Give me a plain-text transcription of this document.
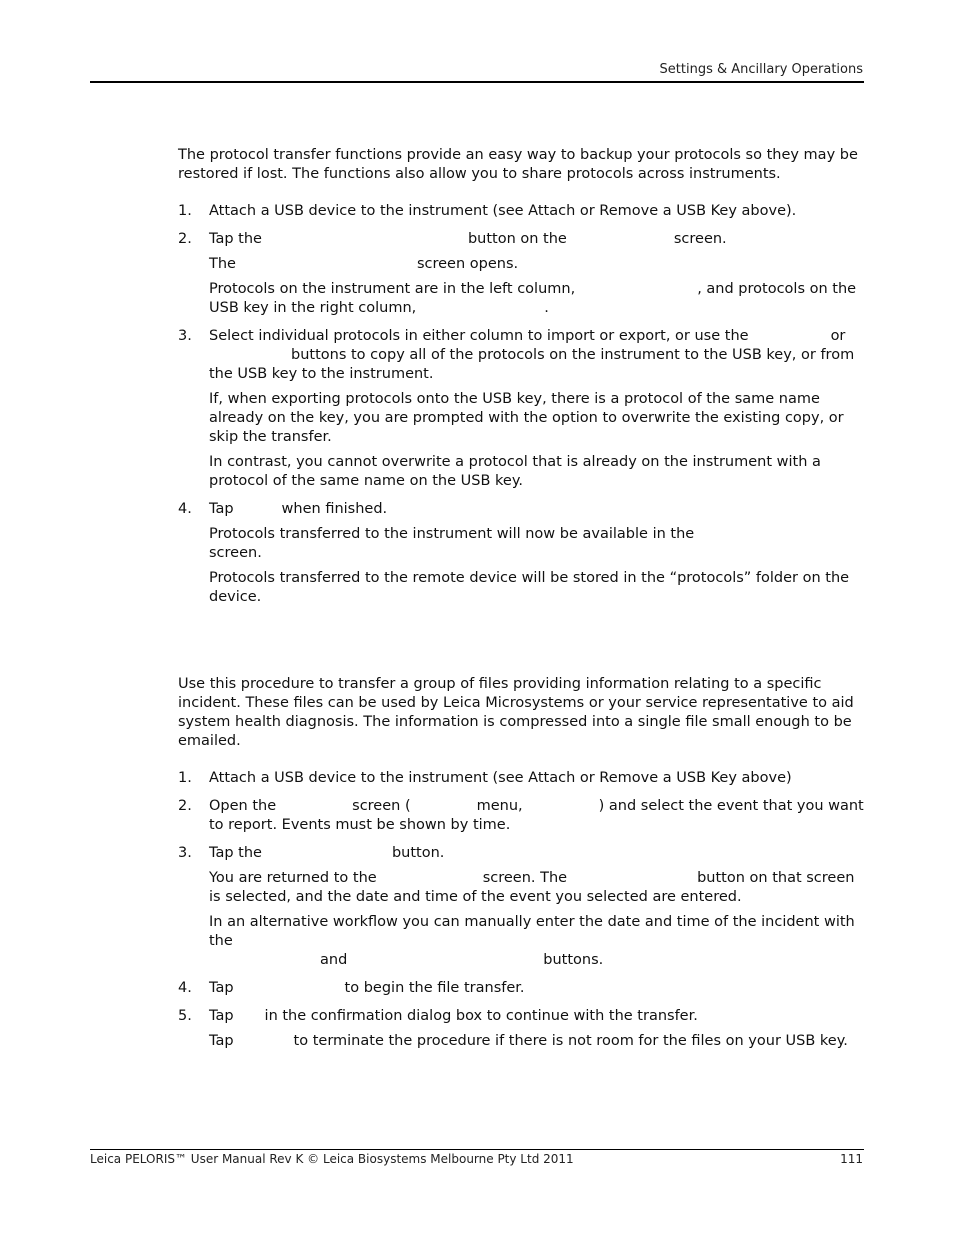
Settings & Ancillary Operations

The protocol transfer functions provide an easy way to backup your protocols so they may be restored if lost. The functions also allow you to share protocols across instruments.

1. Attach a USB device to the instrument (see Attach or Remove a USB Key above).
2. Tap the	button on the	screen.
The	screen opens.
Protocols on the instrument are in the left column,	, and protocols on the USB key in the right column,	.
3. Select individual protocols in either column to import or export, or use the	or
buttons to copy all of the protocols on the instrument to the USB key, or from the USB key to the instrument.
If, when exporting protocols onto the USB key, there is a protocol of the same name already on the key, you are prompted with the option to overwrite the existing copy, or skip the transfer.
In contrast, you cannot overwrite a protocol that is already on the instrument with a protocol of the same name on the USB key.
4. Tap	when finished.
Protocols transferred to the instrument will now be available in thescreen.
Protocols transferred to the remote device will be stored in the “protocols” folder on the device.

Use this procedure to transfer a group of files providing information relating to a specific incident. These files can be used by Leica Microsystems or your service representative to aid system health diagnosis. The information is compressed into a single file small enough to be emailed.

1. Attach a USB device to the instrument (see Attach or Remove a USB Key above)
2. Open the	screen (	menu,	) and select the event that you want to report. Events must be shown by time.
3. Tap the	button.
You are returned to the	screen. The	button on that screen is selected, and the date and time of the event you selected are entered.
In an alternative workflow you can manually enter the date and time of the incident with the
and	buttons.
4. Tap	to begin the file transfer.
5. Tap in the confirmation dialog box to continue with the transfer.
Tap	to terminate the procedure if there is not room for the files on your USB key.
Leica PELORIS™ User Manual Rev K © Leica Biosystems Melbourne Pty Ltd 2011	111
